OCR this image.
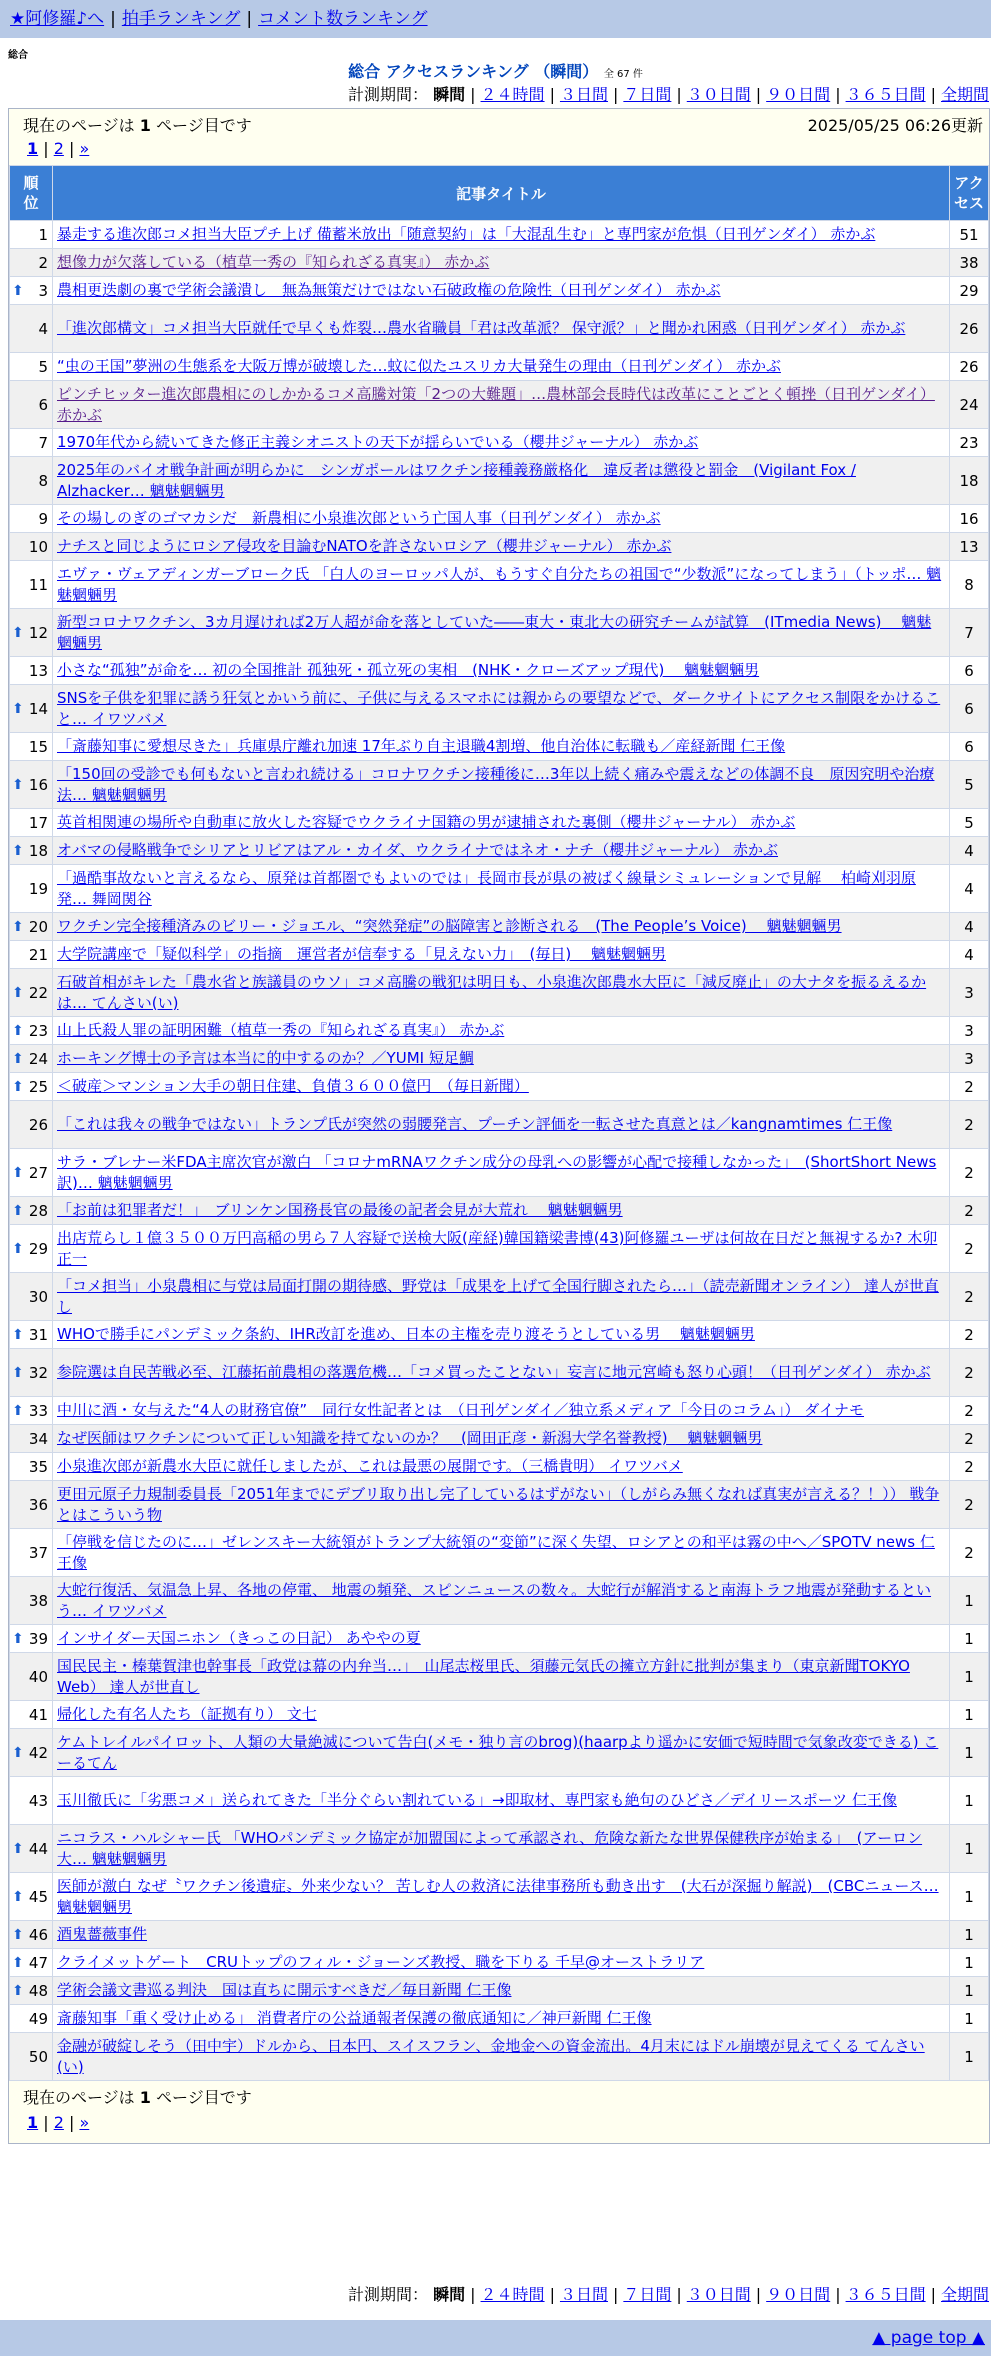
★阿修羅♪へ | 拍手ランキング | コメント数ランキング
総合
総合 アクセスランキング （瞬間） 全 67 件
計測期間： 瞬間 | ２４時間 | ３日間 | ７日間 | ３０日間 | ９０日間 | ３６５日間 | 全期間
現在のページは 1 ページ目です	2025/05/25 06:26更新
1 | 2 | »
順位	記事タイトル	アクセス
1	暴走する進次郎コメ担当大臣プチ上げ 備蓄米放出「随意契約」は「大混乱生む」と専門家が危惧（日刊ゲンダイ） 赤かぶ	51
2	想像力が欠落している（植草一秀の『知られざる真実』） 赤かぶ	38

⬆ 3	農相更迭劇の裏で学術会議潰し　無為無策だけではない石破政権の危険性（日刊ゲンダイ） 赤かぶ	29
4	「進次郎構文」コメ担当大臣就任で早くも炸裂…農水省職員「君は改革派？ 保守派？」と聞かれ困惑（日刊ゲンダイ） 赤かぶ	26
5	“虫の王国”夢洲の生態系を大阪万博が破壊した…蚊に似たユスリカ大量発生の理由（日刊ゲンダイ） 赤かぶ	26
6	ピンチヒッター進次郎農相にのしかかるコメ高騰対策「2つの大難題」…農林部会長時代は改革にことごとく頓挫（日刊ゲンダイ） 赤かぶ	24
7	1970年代から続いてきた修正主義シオニストの天下が揺らいでいる（櫻井ジャーナル） 赤かぶ	23
8	2025年のバイオ戦争計画が明らかに　シンガポールはワクチン接種義務厳格化　違反者は懲役と罰金　(Vigilant Fox / Alzhacker… 魑魅魍魎男	18
9	その場しのぎのゴマカシだ　新農相に小泉進次郎という亡国人事（日刊ゲンダイ） 赤かぶ	16
10	ナチスと同じようにロシア侵攻を目論むNATOを許さないロシア（櫻井ジャーナル） 赤かぶ	13
11	エヴァ・ヴェアディンガーブローク氏 「白人のヨーロッパ人が、もうすぐ自分たちの祖国で“少数派”になってしまう」（トッポ… 魑魅魍魎男	8

⬆ 12	新型コロナワクチン、3カ月遅ければ2万人超が命を落としていた――東大・東北大の研究チームが試算　(ITmedia News)　 魑魅魍魎男	7
13	小さな“孤独”が命を… 初の全国推計 孤独死・孤立死の実相　(NHK・クローズアップ現代)　 魑魅魍魎男	6

⬆ 14	SNSを子供を犯罪に誘う狂気とかいう前に、子供に与えるスマホには親からの要望などで、ダークサイトにアクセス制限をかけること… イワツバメ	6
15	「斎藤知事に愛想尽きた」兵庫県庁離れ加速 17年ぶり自主退職4割増、他自治体に転職も／産経新聞 仁王像	6

⬆ 16	「150回の受診でも何もないと言われ続ける」コロナワクチン接種後に…3年以上続く痛みや震えなどの体調不良　原因究明や治療法… 魑魅魍魎男	5
17	英首相関連の場所や自動車に放火した容疑でウクライナ国籍の男が逮捕された裏側（櫻井ジャーナル） 赤かぶ	5

⬆ 18	オバマの侵略戦争でシリアとリビアはアル・カイダ、ウクライナではネオ・ナチ（櫻井ジャーナル） 赤かぶ	4
19	「過酷事故ないと言えるなら、原発は首都圏でもよいのでは」長岡市長が県の被ばく線量シミュレーションで見解　 柏崎刈羽原発… 舞岡関谷	4

⬆ 20	ワクチン完全接種済みのビリー・ジョエル、“突然発症”の脳障害と診断される　(The People’s Voice)　 魑魅魍魎男	4
21	大学院講座で「疑似科学」の指摘　運営者が信奉する「見えない力」　(毎日)　 魑魅魍魎男	4

⬆ 22	石破首相がキレた「農水省と族議員のウソ」コメ高騰の戦犯は明日も、小泉進次郎農水大臣に「減反廃止」の大ナタを振るえるかは… てんさい(い)	3

⬆ 23	山上氏殺人罪の証明困難（植草一秀の『知られざる真実』） 赤かぶ	3

⬆ 24	ホーキング博士の予言は本当に的中するのか？／YUMI 短足鯛	3

⬆ 25	＜破産＞マンション大手の朝日住建、負債３６００億円　（毎日新聞）	2
26	「これは我々の戦争ではない」トランプ氏が突然の弱腰発言、プーチン評価を一転させた真意とは／kangnamtimes 仁王像	2

⬆ 27	サラ・ブレナー米FDA主席次官が激白 「コロナmRNAワクチン成分の母乳への影響が心配で接種しなかった」　(ShortShort News訳)… 魑魅魍魎男	2

⬆ 28	「お前は犯罪者だ！」　ブリンケン国務長官の最後の記者会見が大荒れ　 魑魅魍魎男	2

⬆ 29	出店荒らし１億３５００万円高稲の男ら７人容疑で送検大阪(産経)韓国籍梁書博(43)阿修羅ユーザは何故在日だと無視するか? 木卯正一	2
30	「コメ担当」小泉農相に与党は局面打開の期待感、野党は「成果を上げて全国行脚されたら…」（読売新聞オンライン） 達人が世直し	2

⬆ 31	WHOで勝手にパンデミック条約、IHR改訂を進め、日本の主権を売り渡そうとしている男　 魑魅魍魎男	2

⬆ 32	参院選は自民苦戦必至、江藤拓前農相の落選危機…「コメ買ったことない」妄言に地元宮崎も怒り心頭！（日刊ゲンダイ） 赤かぶ	2

⬆ 33	中川に酒・女与えた“4人の財務官僚”　同行女性記者とは　（日刊ゲンダイ／独立系メディア「今日のコラム」） ダイナモ	2
34	なぜ医師はワクチンについて正しい知識を持てないのか？　(岡田正彦・新潟大学名誉教授)　 魑魅魍魎男	2
35	小泉進次郎が新農水大臣に就任しましたが、これは最悪の展開です。（三橋貴明） イワツバメ	2
36	更田元原子力規制委員長「2051年までにデブリ取り出し完了しているはずがない」（しがらみ無くなれば真実が言える？！）） 戦争とはこういう物	2
37	「停戦を信じたのに…」ゼレンスキー大統領がトランプ大統領の“変節”に深く失望、ロシアとの和平は霧の中へ／SPOTV news 仁王像	2
38	大蛇行復活、気温急上昇、各地の停電、 地震の頻発、スピンニュースの数々。大蛇行が解消すると南海トラフ地震が発動するという… イワツバメ	1

⬆ 39	インサイダー天国ニホン（きっこの日記） あややの夏	1
40	国民民主・榛葉賀津也幹事長「政党は幕の内弁当…」　山尾志桜里氏、須藤元気氏の擁立方針に批判が集まり（東京新聞TOKYO Web） 達人が世直し	1
41	帰化した有名人たち（証拠有り） 文七	1

⬆ 42	ケムトレイルパイロット、人類の大量絶滅について告白(メモ・独り言のbrog)(haarpより遥かに安価で短時間で気象改変できる) こーるてん	1
43	玉川徹氏に「劣悪コメ」送られてきた「半分ぐらい割れている」→即取材、専門家も絶句のひどさ／デイリースポーツ 仁王像	1

⬆ 44	ニコラス・ハルシャー氏 「WHOパンデミック協定が加盟国によって承認され、危険な新たな世界保健秩序が始まる」　(アーロン大… 魑魅魍魎男	1

⬆ 45	医師が激白 なぜ〝ワクチン後遺症〟外来少ない？ 苦しむ人の救済に法律事務所も動き出す　(大石が深掘り解説)　(CBCニュース… 魑魅魍魎男	1

⬆ 46	酒鬼薔薇事件	1

⬆ 47	クライメットゲート　CRUトップのフィル・ジョーンズ教授、職を下りる 千早@オーストラリア	1

⬆ 48	学術会議文書巡る判決　国は直ちに開示すべきだ／毎日新聞 仁王像	1
49	斎藤知事「重く受け止める」 消費者庁の公益通報者保護の徹底通知に／神戸新聞 仁王像	1
50	金融が破綻しそう（田中宇）ドルから、日本円、スイスフラン、金地金への資金流出。4月末にはドル崩壊が見えてくる てんさい(い)	1
現在のページは 1 ページ目です
1 | 2 | »
計測期間： 瞬間 | ２４時間 | ３日間 | ７日間 | ３０日間 | ９０日間 | ３６５日間 | 全期間
▲ page top ▲
